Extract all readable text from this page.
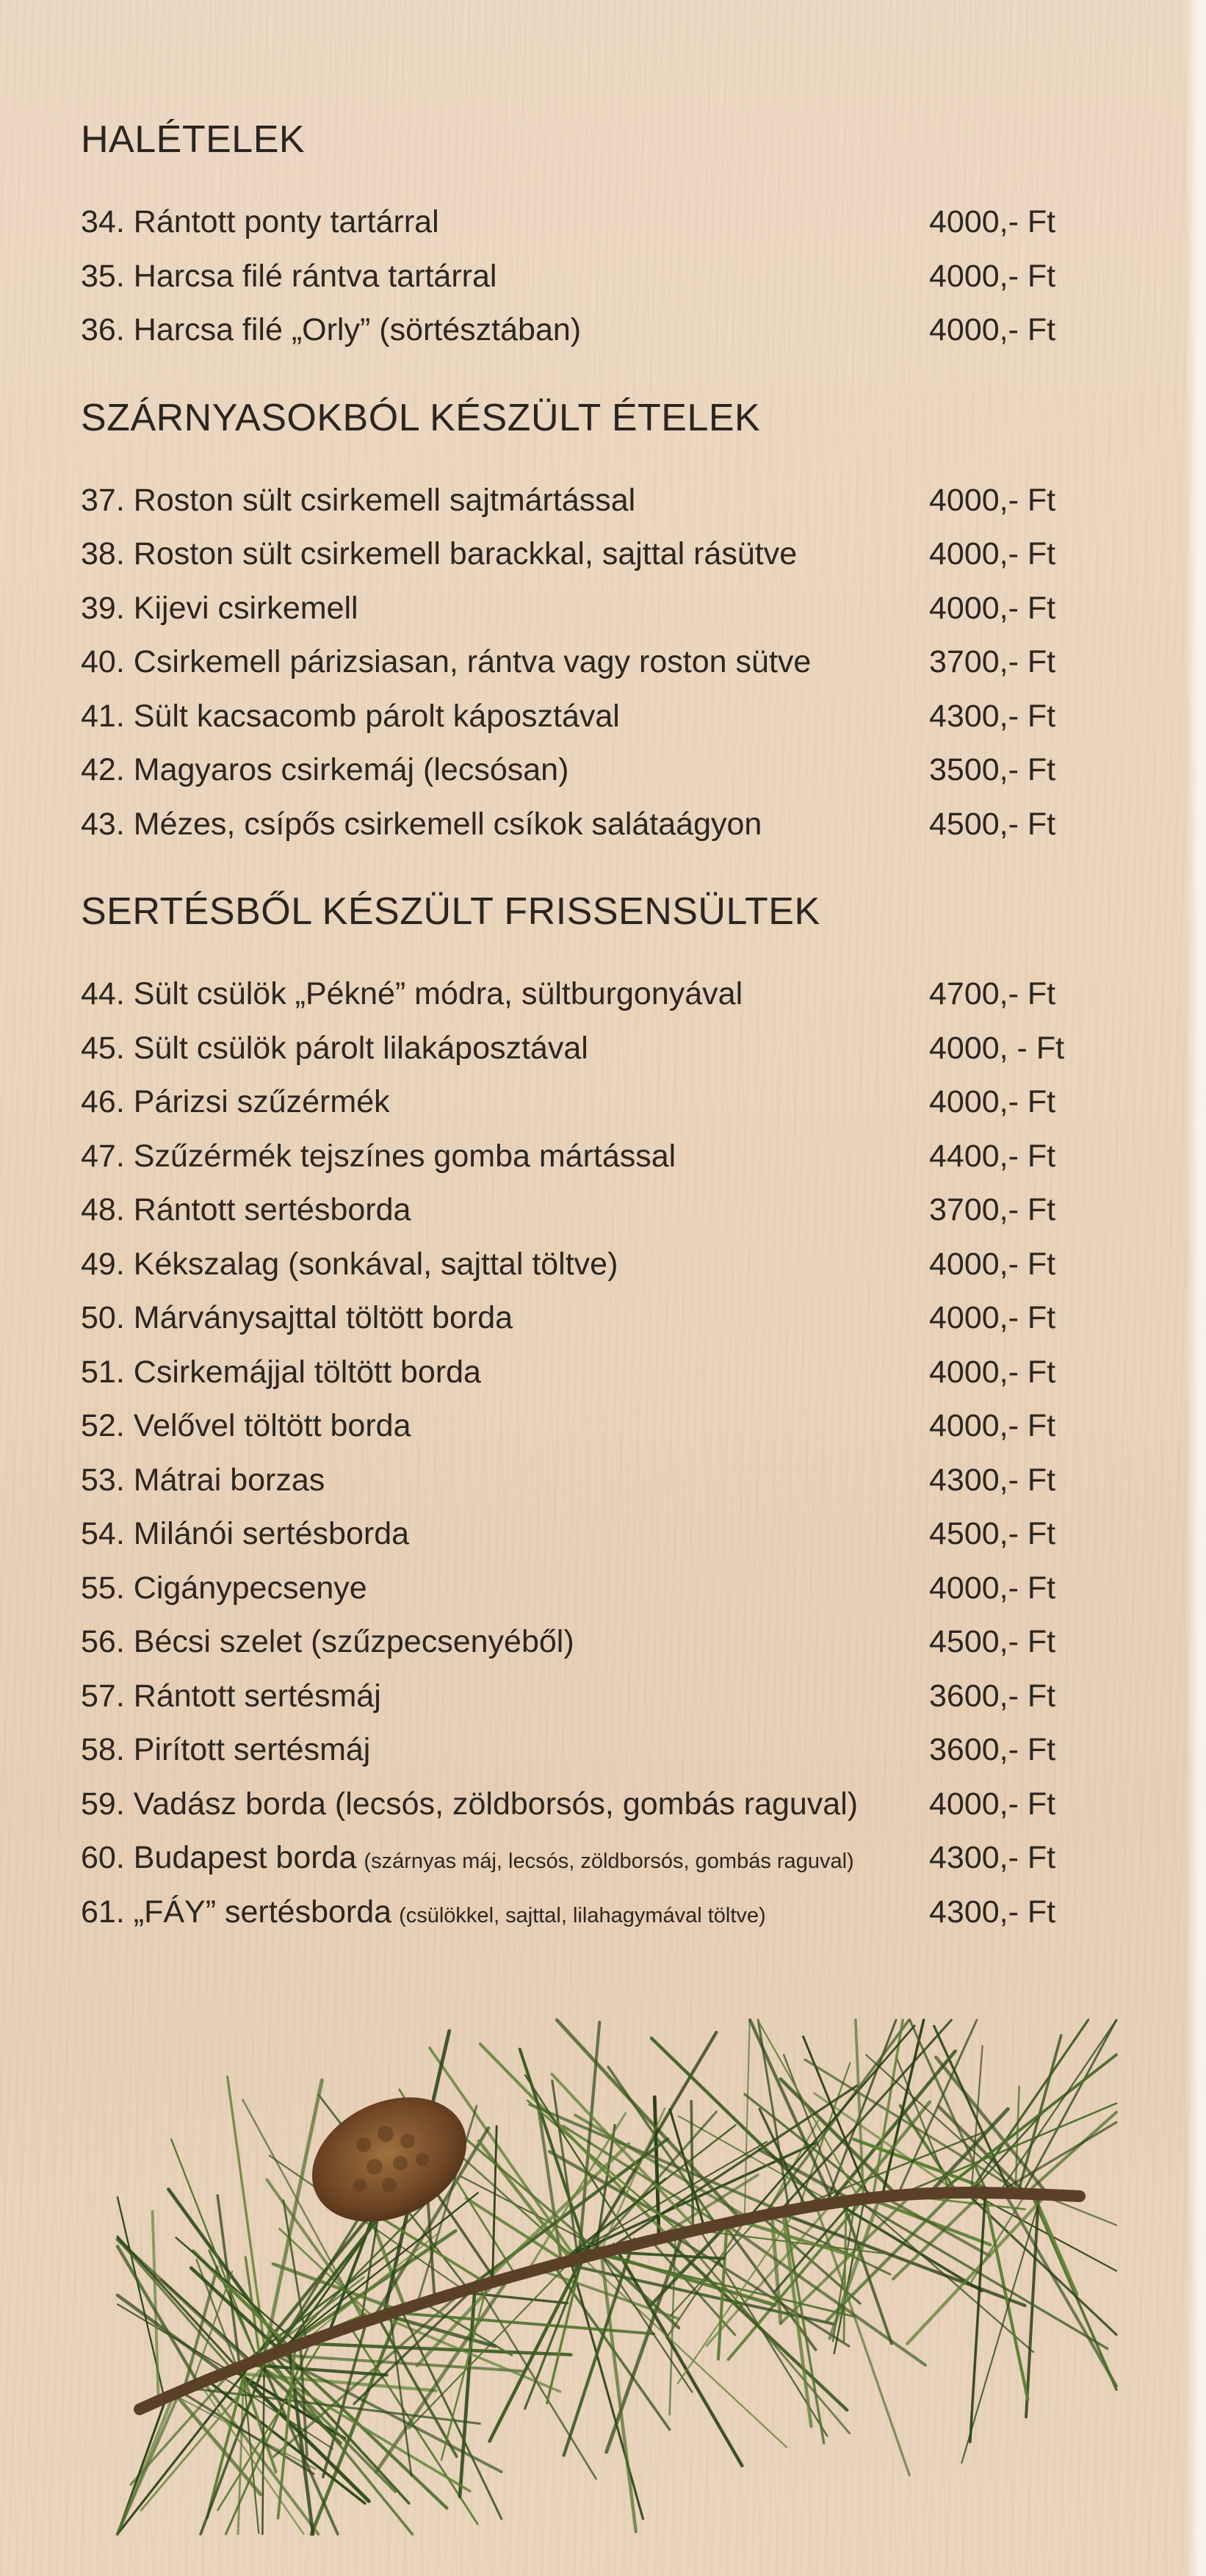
HALÉTELEK
34. Rántott ponty tartárral	4000,- Ft
35. Harcsa filé rántva tartárral	4000,- Ft
36. Harcsa filé „Orly” (sörtésztában)	4000,- Ft
SZÁRNYASOKBÓL KÉSZÜLT ÉTELEK
37. Roston sült csirkemell sajtmártással	4000,- Ft
38. Roston sült csirkemell barackkal, sajttal rásütve	4000,- Ft
39. Kijevi csirkemell	4000,- Ft
40. Csirkemell párizsiasan, rántva vagy roston sütve	3700,- Ft
41. Sült kacsacomb párolt káposztával	4300,- Ft
42. Magyaros csirkemáj (lecsósan)	3500,- Ft
43. Mézes, csípős csirkemell csíkok salátaágyon	4500,- Ft
SERTÉSBŐL KÉSZÜLT FRISSENSÜLTEK
44. Sült csülök „Pékné” módra, sültburgonyával	4700,- Ft
45. Sült csülök párolt lilakáposztával	4000, - Ft
46. Párizsi szűzérmék	4000,- Ft
47. Szűzérmék tejszínes gomba mártással	4400,- Ft
48. Rántott sertésborda	3700,- Ft
49. Kékszalag (sonkával, sajttal töltve)	4000,- Ft
50. Márványsajttal töltött borda	4000,- Ft
51. Csirkemájjal töltött borda	4000,- Ft
52. Velővel töltött borda	4000,- Ft
53. Mátrai borzas	4300,- Ft
54. Milánói sertésborda	4500,- Ft
55. Cigánypecsenye	4000,- Ft
56. Bécsi szelet (szűzpecsenyéből)	4500,- Ft
57. Rántott sertésmáj	3600,- Ft
58. Pirított sertésmáj	3600,- Ft
59. Vadász borda (lecsós, zöldborsós, gombás raguval) 4000,- Ft
60. Budapest borda (szárnyas máj, lecsós, zöldborsós, gombás raguval) 4300,- Ft
61. „FÁY” sertésborda (csülökkel, sajttal, lilahagymával töltve)	4300,- Ft
